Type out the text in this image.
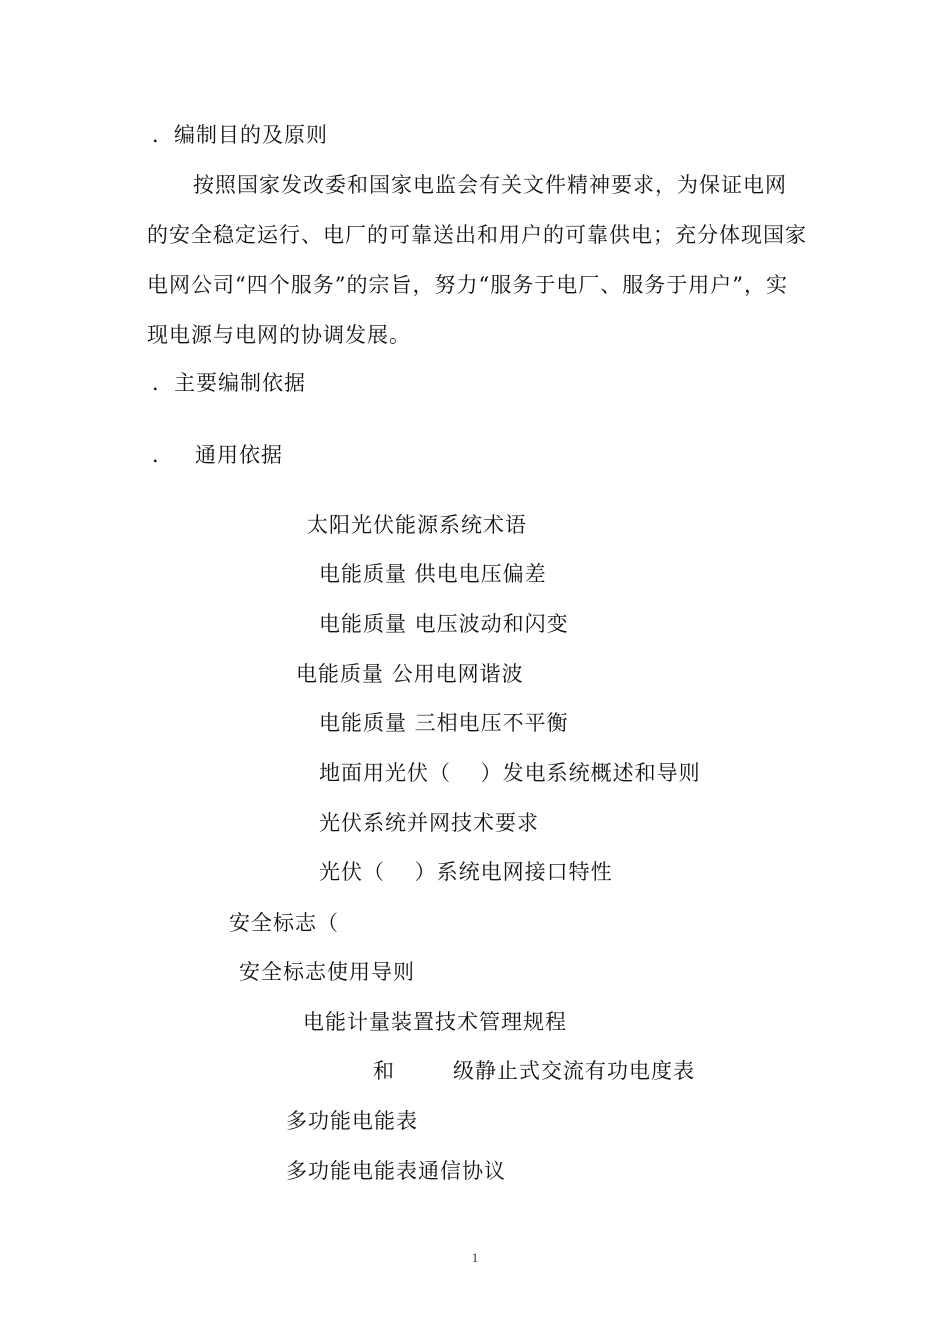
．编制目的及原则
按照国家发改委和国家电监会有关文件精神要求，为保证电网的安全稳定运行、电厂的可靠送出和用户的可靠供电；充分体现国家电网公司“四个服务”的宗旨，努力“服务于电厂、服务于用户”，实现电源与电网的协调发展。
．主要编制依据
． 通用依据
太阳光伏能源系统术语
电能质量 供电电压偏差
电能质量 电压波动和闪变
电能质量 公用电网谐波
电能质量 三相电压不平衡
地面用光伏（　 ）发电系统概述和导则
光伏系统并网技术要求
光伏（　 ）系统电网接口特性
安全标志（
安全标志使用导则
电能计量装置技术管理规程
和	级静止式交流有功电度表
多功能电能表
多功能电能表通信协议
1
